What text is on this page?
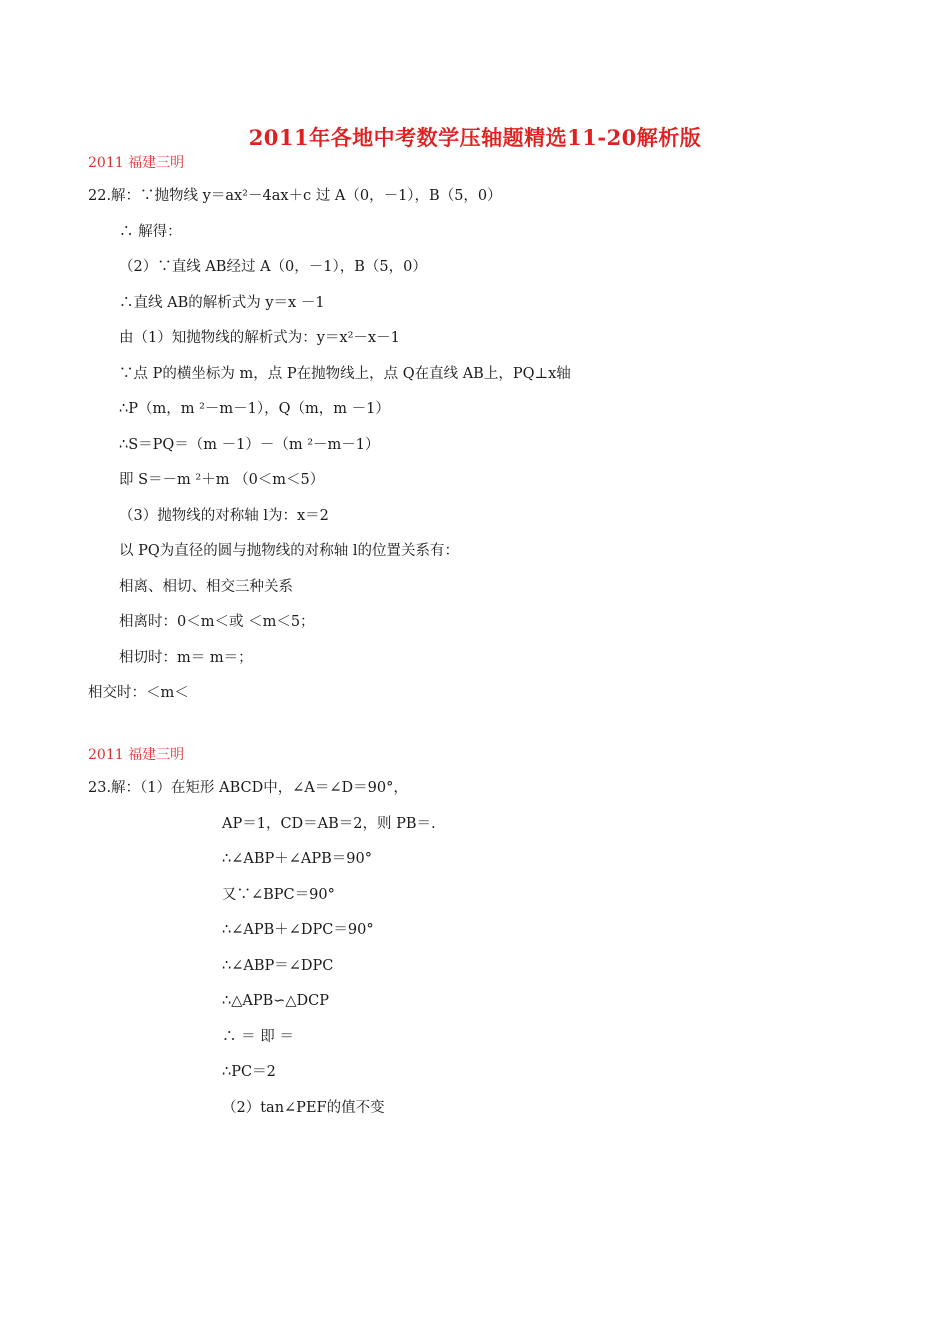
2011年各地中考数学压轴题精选11-20解析版
2011 福建三明
22.解：∵抛物线 y＝ax²－4ax＋c 过 A（0，－1），B（5，0）
∴ 解得：
（2）∵直线 AB经过 A（0，－1），B（5，0）
∴直线 AB的解析式为 y＝x －1
由（1）知抛物线的解析式为：y＝x²－x－1
∵点 P的横坐标为 m，点 P在抛物线上，点 Q在直线 AB上，PQ⊥x轴
∴P（m，m ²－m－1），Q（m，m －1）
∴S＝PQ＝（m －1）－（m ²－m－1）
即 S＝－m ²＋m （0＜m＜5）
（3）抛物线的对称轴 l为：x＝2
以 PQ为直径的圆与抛物线的对称轴 l的位置关系有：
相离、相切、相交三种关系
相离时：0＜m＜或 ＜m＜5；
相切时：m＝ m＝；
相交时：＜m＜
2011 福建三明
23.解：（1）在矩形 ABCD中，∠A＝∠D＝90°，
AP＝1，CD＝AB＝2，则 PB＝.
∴∠ABP＋∠APB＝90°
又∵∠BPC＝90°
∴∠APB＋∠DPC＝90°
∴∠ABP＝∠DPC
∴△APB∽△DCP
∴ ＝ 即 ＝
∴PC＝2
（2）tan∠PEF的值不变
